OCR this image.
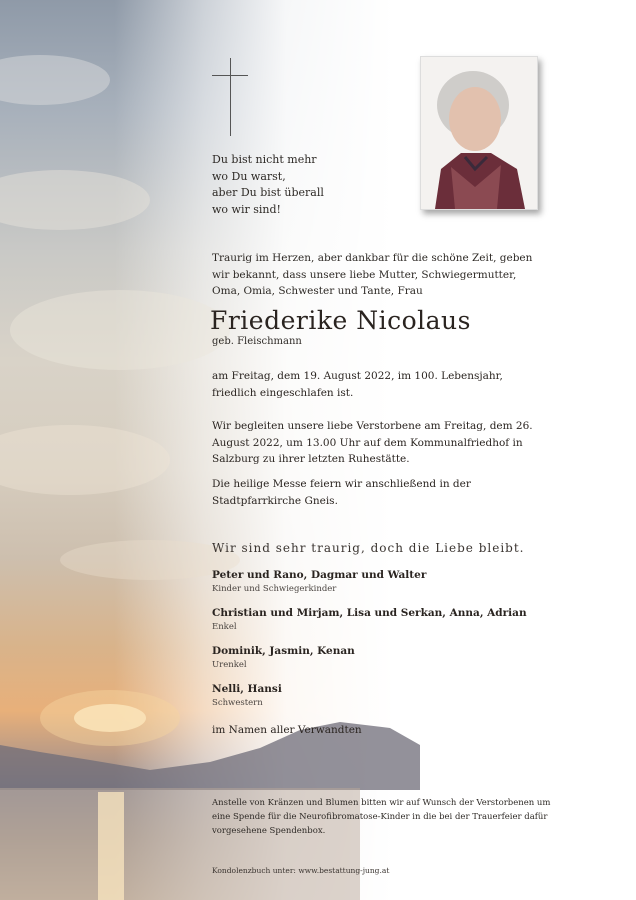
Du bist nicht mehr
wo Du warst,
aber Du bist überall
wo wir sind!
Traurig im Herzen, aber dankbar für die schöne Zeit, geben wir bekannt, dass unsere liebe Mutter, Schwiegermutter, Oma, Omia, Schwester und Tante, Frau
Friederike Nicolaus
geb. Fleischmann
am Freitag, dem 19. August 2022, im 100. Lebensjahr, friedlich eingeschlafen ist.
Wir begleiten unsere liebe Verstorbene am Freitag, dem 26. August 2022, um 13.00 Uhr auf dem Kommunalfriedhof in Salzburg zu ihrer letzten Ruhestätte.
Die heilige Messe feiern wir anschließend in der Stadtpfarrkirche Gneis.
Wir sind sehr traurig, doch die Liebe bleibt.
Peter und Rano, Dagmar und Walter
Kinder und Schwiegerkinder
Christian und Mirjam, Lisa und Serkan, Anna, Adrian
Enkel
Dominik, Jasmin, Kenan
Urenkel
Nelli, Hansi
Schwestern
im Namen aller Verwandten
Anstelle von Kränzen und Blumen bitten wir auf Wunsch der Verstorbenen um eine Spende für die Neurofibromatose-Kinder in die bei der Trauerfeier dafür vorgesehene Spendenbox.
Kondolenzbuch unter: www.bestattung-jung.at
